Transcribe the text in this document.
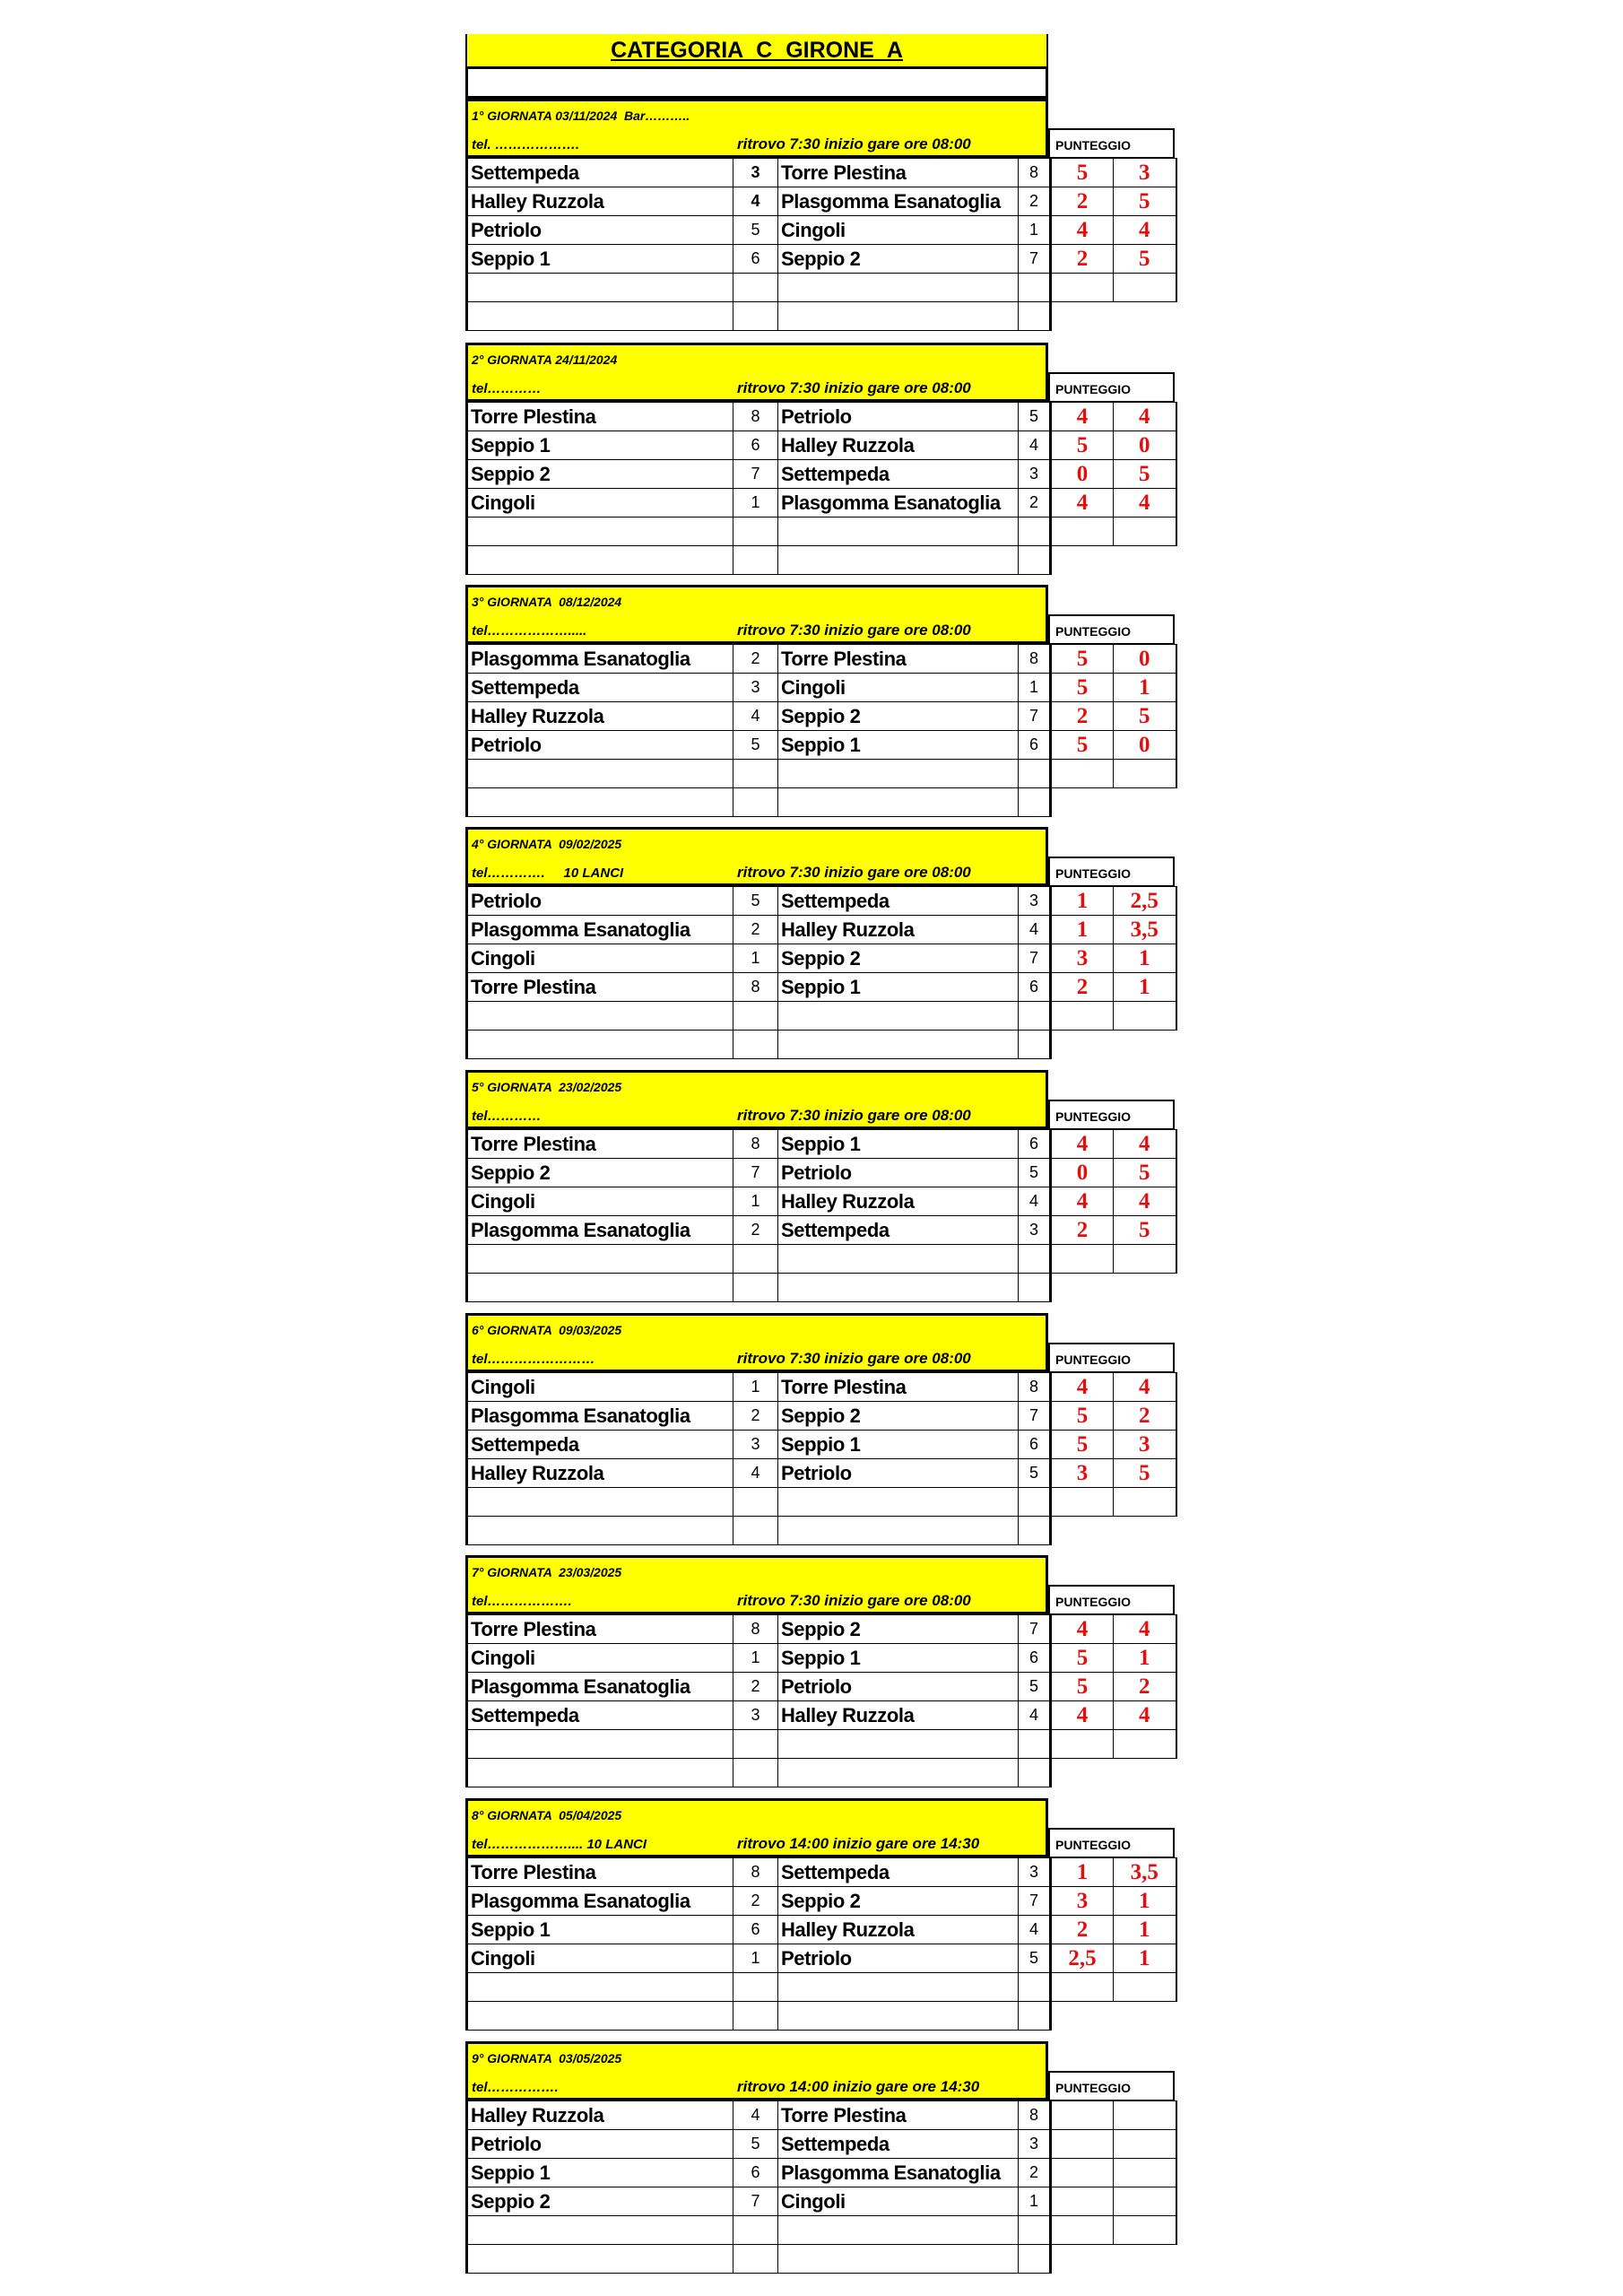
CATEGORIA C GIRONE A
1° GIORNATA 03/11/2024  Bar………..
tel. ……………….	ritrovo 7:30 inizio gare ore 08:00	PUNTEGGIO
Settempeda	3	Torre Plestina	8	5	3
Halley Ruzzola	4	Plasgomma Esanatoglia	2	2	5
Petriolo	5	Cingoli	1	4	4
Seppio 1	6	Seppio 2	7	2	5

2° GIORNATA 24/11/2024
tel…………	ritrovo 7:30 inizio gare ore 08:00	PUNTEGGIO
Torre Plestina	8	Petriolo	5	4	4
Seppio 1	6	Halley Ruzzola	4	5	0
Seppio 2	7	Settempeda	3	0	5
Cingoli	1	Plasgomma Esanatoglia	2	4	4

3° GIORNATA  08/12/2024
tel……………….....	ritrovo 7:30 inizio gare ore 08:00	PUNTEGGIO
Plasgomma Esanatoglia	2	Torre Plestina	8	5	0
Settempeda	3	Cingoli	1	5	1
Halley Ruzzola	4	Seppio 2	7	2	5
Petriolo	5	Seppio 1	6	5	0

4° GIORNATA  09/02/2025
tel………….     10 LANCI	ritrovo 7:30 inizio gare ore 08:00	PUNTEGGIO
Petriolo	5	Settempeda	3	1	2,5
Plasgomma Esanatoglia	2	Halley Ruzzola	4	1	3,5
Cingoli	1	Seppio 2	7	3	1
Torre Plestina	8	Seppio 1	6	2	1

5° GIORNATA  23/02/2025
tel…………	ritrovo 7:30 inizio gare ore 08:00	PUNTEGGIO
Torre Plestina	8	Seppio 1	6	4	4
Seppio 2	7	Petriolo	5	0	5
Cingoli	1	Halley Ruzzola	4	4	4
Plasgomma Esanatoglia	2	Settempeda	3	2	5

6° GIORNATA  09/03/2025
tel……………………	ritrovo 7:30 inizio gare ore 08:00	PUNTEGGIO
Cingoli	1	Torre Plestina	8	4	4
Plasgomma Esanatoglia	2	Seppio 2	7	5	2
Settempeda	3	Seppio 1	6	5	3
Halley Ruzzola	4	Petriolo	5	3	5

7° GIORNATA  23/03/2025
tel……………….	ritrovo 7:30 inizio gare ore 08:00	PUNTEGGIO
Torre Plestina	8	Seppio 2	7	4	4
Cingoli	1	Seppio 1	6	5	1
Plasgomma Esanatoglia	2	Petriolo	5	5	2
Settempeda	3	Halley Ruzzola	4	4	4

8° GIORNATA  05/04/2025
tel……………….... 10 LANCI	ritrovo 14:00 inizio gare ore 14:30	PUNTEGGIO
Torre Plestina	8	Settempeda	3	1	3,5
Plasgomma Esanatoglia	2	Seppio 2	7	3	1
Seppio 1	6	Halley Ruzzola	4	2	1
Cingoli	1	Petriolo	5	2,5	1

9° GIORNATA  03/05/2025
tel…………….	ritrovo 14:00 inizio gare ore 14:30	PUNTEGGIO
Halley Ruzzola	4	Torre Plestina	8		
Petriolo	5	Settempeda	3		
Seppio 1	6	Plasgomma Esanatoglia	2		
Seppio 2	7	Cingoli	1		
